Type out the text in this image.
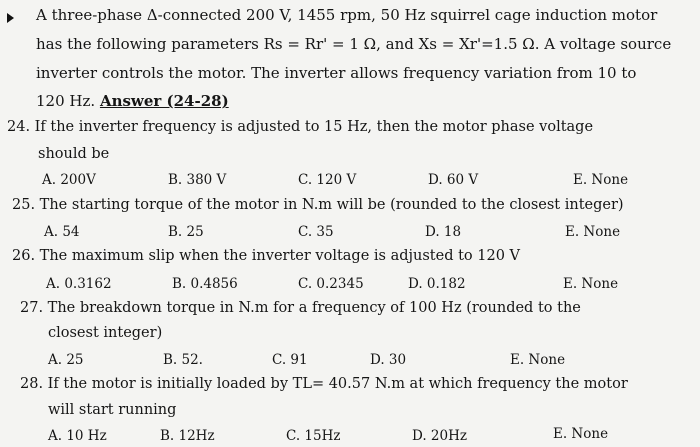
A three-phase Δ-connected 200 V, 1455 rpm, 50 Hz squirrel cage induction motor
has the following parameters Rs = Rr' = 1 Ω, and Xs = Xr'=1.5 Ω. A voltage source
inverter controls the motor. The inverter allows frequency variation from 10 to
120 Hz. Answer (24-28)
24. If the inverter frequency is adjusted to 15 Hz, then the motor phase voltage
should be
A. 200V	B. 380 V	C. 120 V	D. 60 V	E. None
25. The starting torque of the motor in N.m will be (rounded to the closest integer)
A. 54	B. 25	C. 35	D. 18	E. None
26. The maximum slip when the inverter voltage is adjusted to 120 V
A. 0.3162	B. 0.4856	C. 0.2345	D. 0.182	E. None
27. The breakdown torque in N.m for a frequency of 100 Hz (rounded to the
closest integer)
A. 25	B. 52.	C. 91	D. 30	E. None
28. If the motor is initially loaded by TL= 40.57 N.m at which frequency the motor
will start running
A. 10 Hz	B. 12Hz	C. 15Hz	D. 20Hz	E. None
